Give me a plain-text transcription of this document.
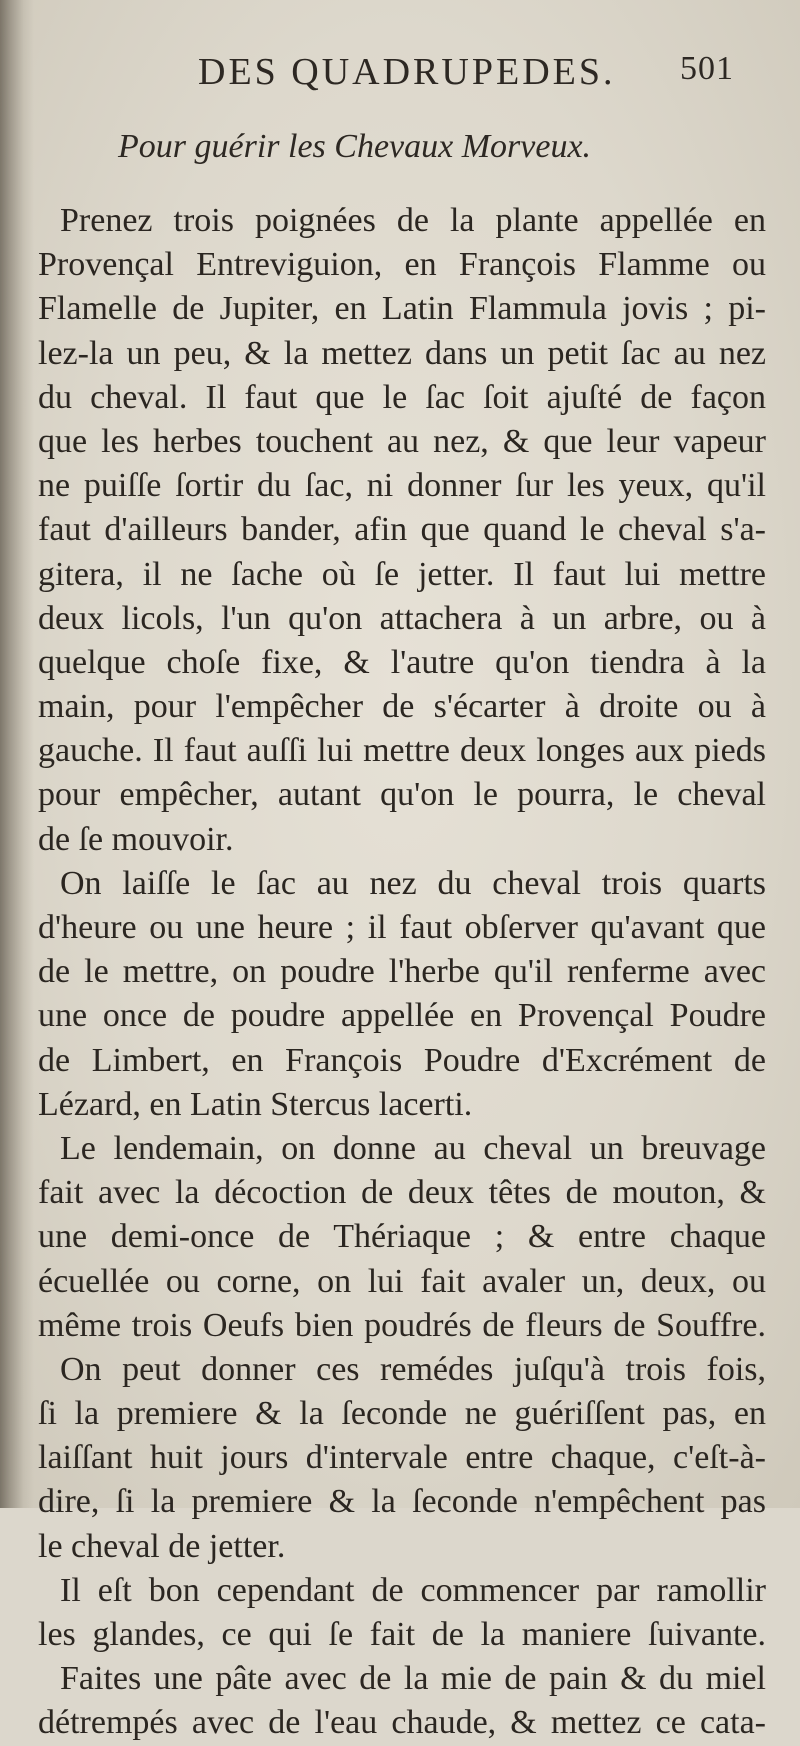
DES QUADRUPEDES. 501
Pour guérir les Chevaux Morveux.
Prenez trois poignées de la plante appellée en
Provençal Entreviguion, en François Flamme ou
Flamelle de Jupiter, en Latin Flammula jovis ; pi-
lez-la un peu, & la mettez dans un petit ſac au nez
du cheval. Il faut que le ſac ſoit ajuſté de façon
que les herbes touchent au nez, & que leur vapeur
ne puiſſe ſortir du ſac, ni donner ſur les yeux, qu'il
faut d'ailleurs bander, afin que quand le cheval s'a-
gitera, il ne ſache où ſe jetter. Il faut lui mettre
deux licols, l'un qu'on attachera à un arbre, ou à
quelque choſe fixe, & l'autre qu'on tiendra à la
main, pour l'empêcher de s'écarter à droite ou à
gauche. Il faut auſſi lui mettre deux longes aux pieds
pour empêcher, autant qu'on le pourra, le cheval
de ſe mouvoir.
On laiſſe le ſac au nez du cheval trois quarts
d'heure ou une heure ; il faut obſerver qu'avant que
de le mettre, on poudre l'herbe qu'il renferme avec
une once de poudre appellée en Provençal Poudre
de Limbert, en François Poudre d'Excrément de
Lézard, en Latin Stercus lacerti.
Le lendemain, on donne au cheval un breuvage
fait avec la décoction de deux têtes de mouton, &
une demi-once de Thériaque ; & entre chaque
écuellée ou corne, on lui fait avaler un, deux, ou
même trois Oeufs bien poudrés de fleurs de Souffre.
On peut donner ces remédes juſqu'à trois fois,
ſi la premiere & la ſeconde ne guériſſent pas, en
laiſſant huit jours d'intervale entre chaque, c'eſt-à-
dire, ſi la premiere & la ſeconde n'empêchent pas
le cheval de jetter.
Il eſt bon cependant de commencer par ramollir
les glandes, ce qui ſe fait de la maniere ſuivante.
Faites une pâte avec de la mie de pain & du miel
détrempés avec de l'eau chaude, & mettez ce cata-
